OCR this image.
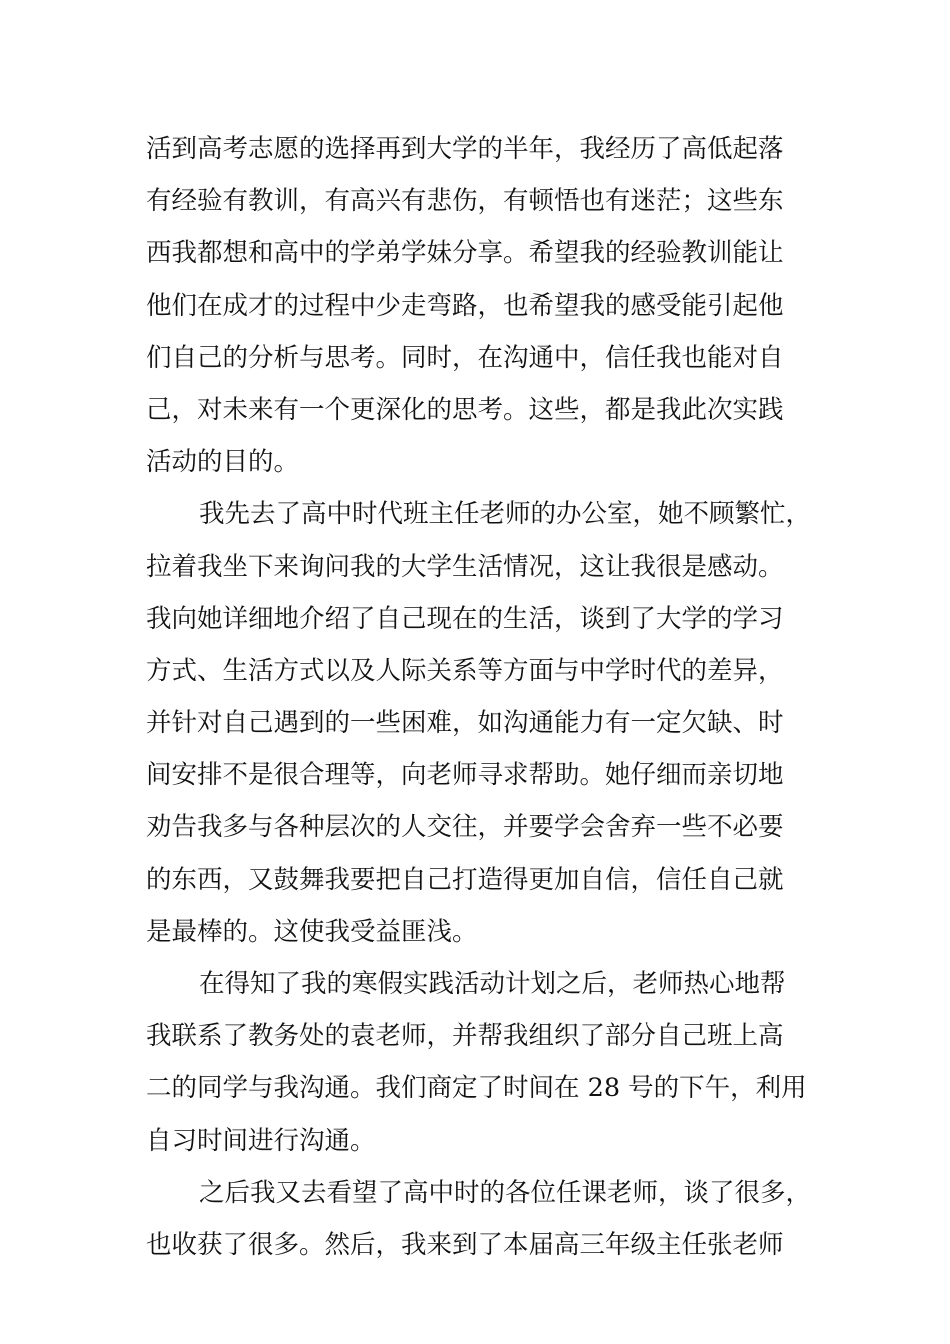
活到高考志愿的选择再到大学的半年，我经历了高低起落
有经验有教训，有高兴有悲伤，有顿悟也有迷茫；这些东
西我都想和高中的学弟学妹分享。希望我的经验教训能让
他们在成才的过程中少走弯路，也希望我的感受能引起他
们自己的分析与思考。同时，在沟通中，信任我也能对自
己，对未来有一个更深化的思考。这些，都是我此次实践
活动的目的。
我先去了高中时代班主任老师的办公室，她不顾繁忙，
拉着我坐下来询问我的大学生活情况，这让我很是感动。
我向她详细地介绍了自己现在的生活，谈到了大学的学习
方式、生活方式以及人际关系等方面与中学时代的差异，
并针对自己遇到的一些困难，如沟通能力有一定欠缺、时
间安排不是很合理等，向老师寻求帮助。她仔细而亲切地
劝告我多与各种层次的人交往，并要学会舍弃一些不必要
的东西，又鼓舞我要把自己打造得更加自信，信任自己就
是最棒的。这使我受益匪浅。
在得知了我的寒假实践活动计划之后，老师热心地帮
我联系了教务处的袁老师，并帮我组织了部分自己班上高
二的同学与我沟通。我们商定了时间在 28 号的下午，利用
自习时间进行沟通。
之后我又去看望了高中时的各位任课老师，谈了很多，
也收获了很多。然后，我来到了本届高三年级主任张老师
